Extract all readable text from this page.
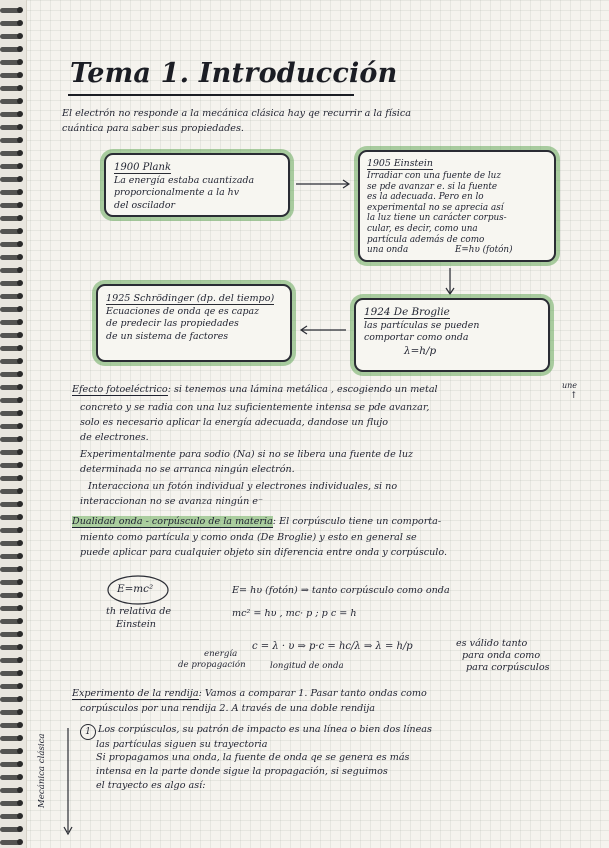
Tema 1. Introducción
El electrón no responde a la mecánica clásica hay qe recurrir a la física
cuántica para saber sus propiedades.
1900 Plank
La energía estaba cuantizada
proporcionalmente a la hv
del oscilador
1905 Einstein
Irradiar con una fuente de luz
se pde avanzar e. si la fuente
es la adecuada. Pero en lo
experimental no se aprecia así
la luz tiene un carácter corpus-
cular, es decir, como una
partícula además de como
una onda	E=hυ (fotón)
1925 Schrödinger (dp. del tiempo)
Ecuaciones de onda qe es capaz
de predecir las propiedades
de un sistema de factores
1924 De Broglie
las partículas se pueden
comportar como onda
λ=h/p
Efecto fotoeléctrico: si tenemos una lámina metálica , escogiendo un metal	une
↑
concreto y se radia con una luz suficientemente intensa se pde avanzar,
solo es necesario aplicar la energía adecuada, dandose un flujo
de electrones.
Experimentalmente para sodio (Na) si no se libera una fuente de luz
determinada no se arranca ningún electrón.
Interacciona un fotón individual y electrones individuales, si no
interaccionan no se avanza ningún e⁻
Dualidad onda - corpúsculo de la materia: El corpúsculo tiene un comporta-
miento como partícula y como onda (De Broglie) y esto en general se
puede aplicar para cualquier objeto sin diferencia entre onda y corpúsculo.
E=mc²
th relativa de
Einstein
E= hυ (fotón) ⇒ tanto corpúsculo como onda
mc² = hυ , mc· p ; p c = h
c = λ · υ ⇒ p·c = hc/λ ⇒ λ = h/p	es válido tanto
para onda como
para corpúsculos
energía
de propagación	longitud de onda
Experimento de la rendija: Vamos a comparar 1. Pasar tanto ondas como
corpúsculos por una rendija 2. A través de una doble rendija
1 Los corpúsculos, su patrón de impacto es una línea o bien dos líneas
las partículas siguen su trayectoria
Si propagamos una onda, la fuente de onda qe se genera es más
intensa en la parte donde sigue la propagación, si seguimos
el trayecto es algo así:
Mecánica clásica
